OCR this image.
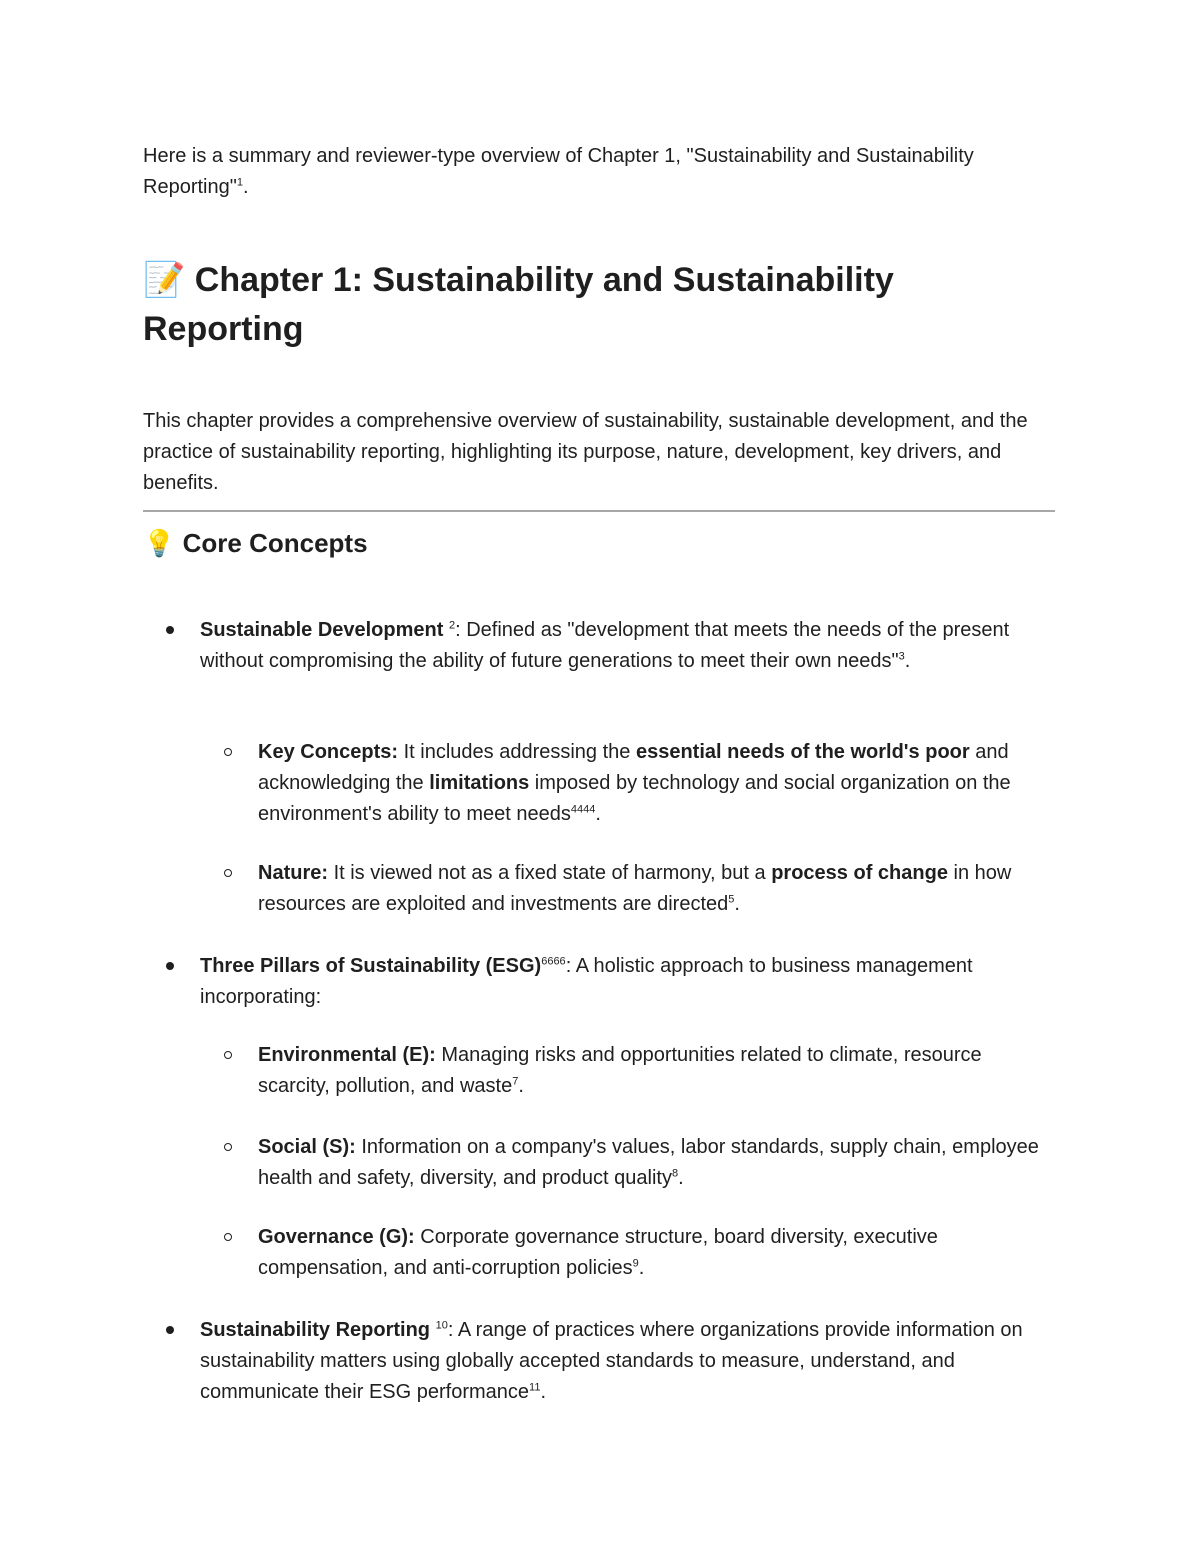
Here is a summary and reviewer-type overview of Chapter 1, "Sustainability and Sustainability Reporting"$^1$.

📝 Chapter 1: Sustainability and Sustainability Reporting

This chapter provides a comprehensive overview of sustainability, sustainable development, and the practice of sustainability reporting, highlighting its purpose, nature, development, key drivers, and benefits.

💡 Core Concepts

Sustainable Development $^2$: Defined as "development that meets the needs of the present without compromising the ability of future generations to meet their own needs"$^3$.

Key Concepts: It includes addressing the essential needs of the world's poor and acknowledging the limitations imposed by technology and social organization on the environment's ability to meet needs$^{4444}$.

Nature: It is viewed not as a fixed state of harmony, but a process of change in how resources are exploited and investments are directed$^5$.

Three Pillars of Sustainability (ESG)$^{6666}$: A holistic approach to business management incorporating:

Environmental (E): Managing risks and opportunities related to climate, resource scarcity, pollution, and waste$^7$.

Social (S): Information on a company's values, labor standards, supply chain, employee health and safety, diversity, and product quality$^8$.

Governance (G): Corporate governance structure, board diversity, executive compensation, and anti-corruption policies$^9$.

Sustainability Reporting $^{10}$: A range of practices where organizations provide information on sustainability matters using globally accepted standards to measure, understand, and communicate their ESG performance$^{11}$.
